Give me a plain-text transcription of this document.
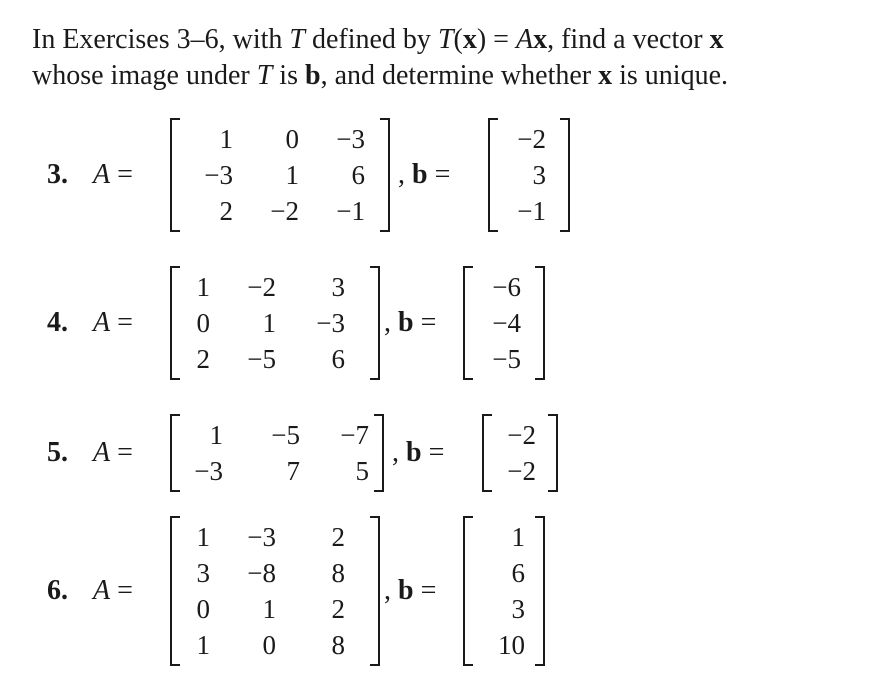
In Exercises 3–6, with T defined by T(x) = Ax, find a vector x
whose image under T is b, and determine whether x is unique.
3. A =
1 0 −3
−3 1 6
2 −2 −1
, b =
−2
3
−1
4. A =
1 −2 3
0 1 −3
2 −5 6
, b =
−6
−4
−5
5. A =
1 −5 −7
−3 7 5
, b =
−2
−2
6. A =
1 −3 2
3 −8 8
0 1 2
1 0 8
, b =
1
6
3
10
